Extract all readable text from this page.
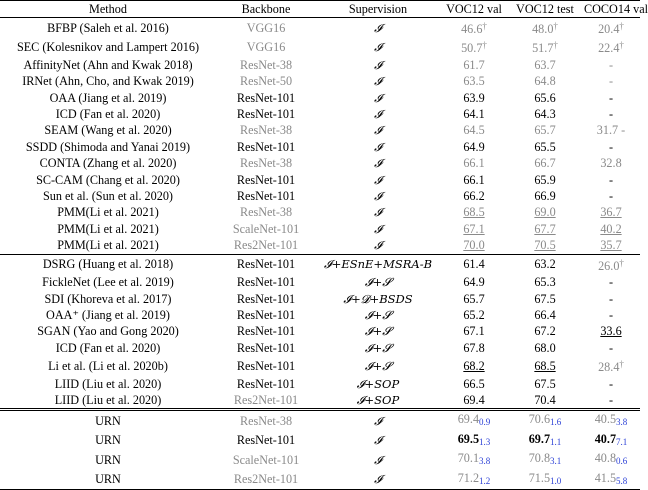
Method	Backbone	Supervision	VOC12 val	VOC12 test	COCO14 val
BFBP (Saleh et al. 2016)	VGG16	𝓘	46.6†	48.0†	20.4†
SEC (Kolesnikov and Lampert 2016)	VGG16	𝓘	50.7†	51.7†	22.4†
AffinityNet (Ahn and Kwak 2018)	ResNet-38	𝓘	61.7	63.7	-
IRNet (Ahn, Cho, and Kwak 2019)	ResNet-50	𝓘	63.5	64.8	-
OAA (Jiang et al. 2019)	ResNet-101	𝓘	63.9	65.6	-
ICD (Fan et al. 2020)	ResNet-101	𝓘	64.1	64.3	-
SEAM (Wang et al. 2020)	ResNet-38	𝓘	64.5	65.7	31.7 -
SSDD (Shimoda and Yanai 2019)	ResNet-101	𝓘	64.9	65.5	-
CONTA (Zhang et al. 2020)	ResNet-38	𝓘	66.1	66.7	32.8
SC-CAM (Chang et al. 2020)	ResNet-101	𝓘	66.1	65.9	-
Sun et al. (Sun et al. 2020)	ResNet-101	𝓘	66.2	66.9	-
PMM(Li et al. 2021)	ResNet-38	𝓘	68.5	69.0	36.7
PMM(Li et al. 2021)	ScaleNet-101	𝓘	67.1	67.7	40.2
PMM(Li et al. 2021)	Res2Net-101	𝓘	70.0	70.5	35.7
DSRG (Huang et al. 2018)	ResNet-101	𝓘+ESnE+MSRA-B	61.4	63.2	26.0†
FickleNet (Lee et al. 2019)	ResNet-101	𝓘+𝓢	64.9	65.3	-
SDI (Khoreva et al. 2017)	ResNet-101	𝓘+𝓓+BSDS	65.7	67.5	-
OAA⁺ (Jiang et al. 2019)	ResNet-101	𝓘+𝓢	65.2	66.4	-
SGAN (Yao and Gong 2020)	ResNet-101	𝓘+𝓢	67.1	67.2	33.6
ICD (Fan et al. 2020)	ResNet-101	𝓘+𝓢	67.8	68.0	-
Li et al. (Li et al. 2020b)	ResNet-101	𝓘+𝓢	68.2	68.5	28.4†
LIID (Liu et al. 2020)	ResNet-101	𝓘+SOP	66.5	67.5	-
LIID (Liu et al. 2020)	Res2Net-101	𝓘+SOP	69.4	70.4	-
URN	ResNet-38	𝓘	$69.4_{0.9}$	$70.6_{1.6}$	$40.5_{3.8}$
URN	ResNet-101	𝓘	$69.5_{1.3}$	$69.7_{1.1}$	$40.7_{7.1}$
URN	ScaleNet-101	𝓘	$70.1_{3.8}$	$70.8_{3.1}$	$40.8_{0.6}$
URN	Res2Net-101	𝓘	$71.2_{1.2}$	$71.5_{1.0}$	$41.5_{5.8}$
